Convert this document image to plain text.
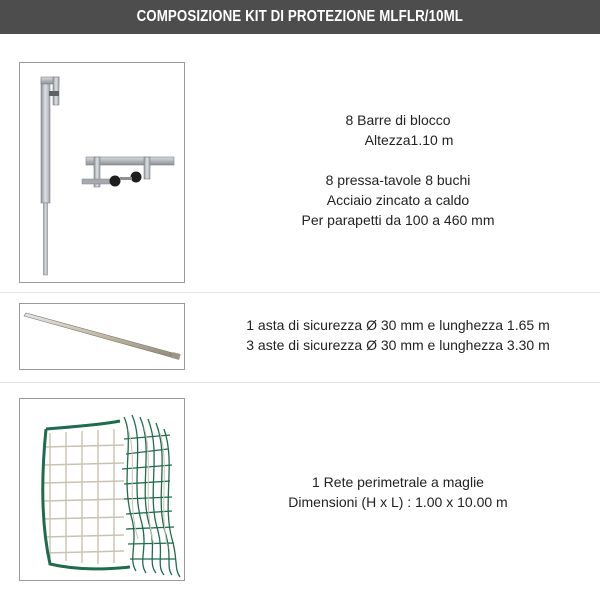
COMPOSIZIONE KIT DI PROTEZIONE MLFLR/10ML
8 Barre di blocco
Altezza1.10 m
8 pressa-tavole 8 buchi
Acciaio zincato a caldo
Per parapetti da 100 a 460 mm
1 asta di sicurezza Ø 30 mm e lunghezza 1.65 m
3 aste di sicurezza Ø 30 mm e lunghezza 3.30 m
1 Rete perimetrale a maglie
Dimensioni (H x L) : 1.00 x 10.00 m
